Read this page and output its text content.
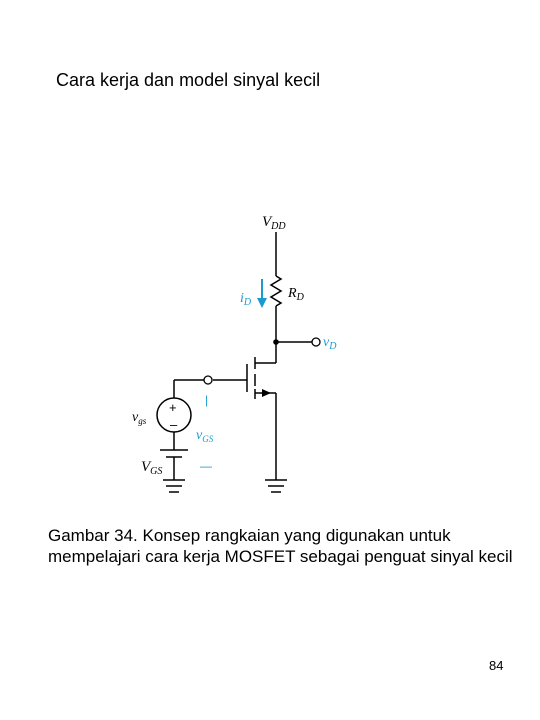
Cara kerja dan model sinyal kecil
$V_{DD}$
$R_D$
$i_D$
$v_D$
$v_{gs}$
+
–
|
$v_{GS}$
—
$V_{GS}$
Gambar 34. Konsep rangkaian yang digunakan untuk mempelajari cara kerja MOSFET sebagai penguat sinyal kecil
84
